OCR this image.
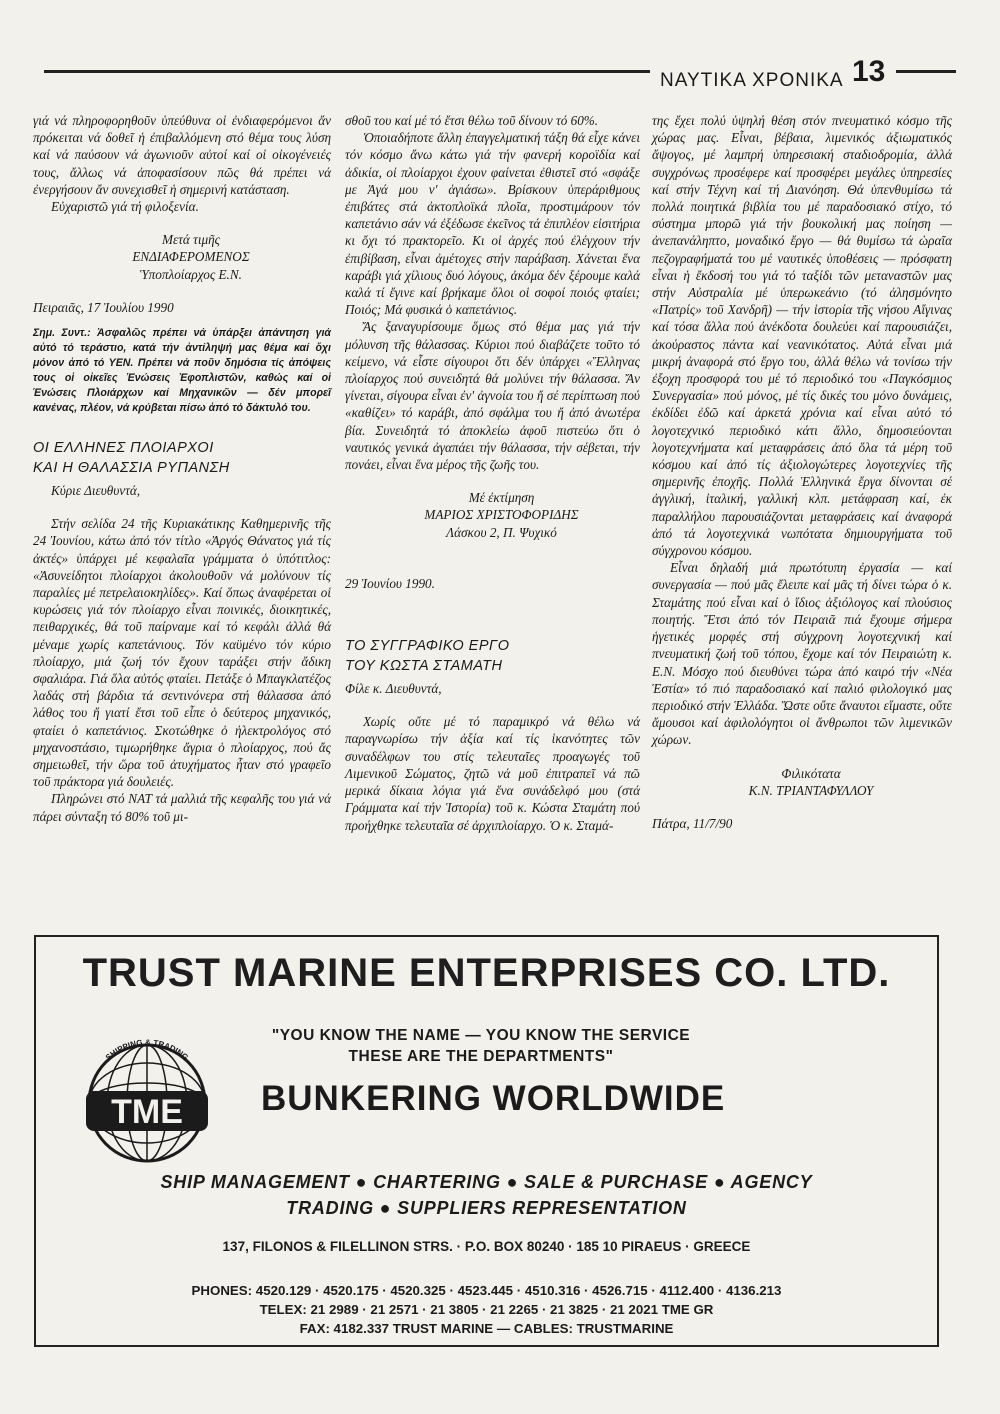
ΝΑΥΤΙΚΑ ΧΡΟΝΙΚΑ 13

γιά νά πληροφορηθοῦν ὑπεύθυνα οἱ ἐνδιαφερόμενοι ἄν πρόκειται νά δοθεῖ ἡ ἐπιβαλλόμενη στό θέμα τους λύση καί νά παύσουν νά ἀγωνιοῦν αὐτοί καί οἱ οἰκογένειές τους, ἄλλως νά ἀποφασίσουν πῶς θά πρέπει νά ἐνεργήσουν ἄν συνεχισθεῖ ἡ σημερινή κατάσταση.

Εὐχαριστῶ γιά τή φιλοξενία.

Μετά τιμῆς

ΕΝΔΙΑΦΕΡΟΜΕΝΟΣ

Ὑποπλοίαρχος Ε.Ν.

Πειραιᾶς, 17 Ἰουλίου 1990

Σημ. Συντ.: Ἀσφαλῶς πρέπει νά ὑπάρξει ἀπάντηση γιά αὐτό τό τεράστιο, κατά τήν ἀντίληψή μας θέμα καί ὄχι μόνον ἀπό τό ΥΕΝ. Πρέπει νά ποῦν δημόσια τίς ἀπόψεις τους οἱ οἰκεῖες Ἑνώσεις Ἐφοπλιστῶν, καθώς καί οἱ Ἑνώσεις Πλοιάρχων καί Μηχανικῶν — δέν μπορεῖ κανένας, πλέον, νά κρύβεται πίσω ἀπό τό δάκτυλό του.
ΟΙ ΕΛΛΗΝΕΣ ΠΛΟΙΑΡΧΟΙ
ΚΑΙ Η ΘΑΛΑΣΣΙΑ ΡΥΠΑΝΣΗ

Κύριε Διευθυντά,

Στήν σελίδα 24 τῆς Κυριακάτικης Καθημερινῆς τῆς 24 Ἰουνίου, κάτω ἀπό τόν τίτλο «Ἀργός Θάνατος γιά τίς ἀκτές» ὑπάρχει μέ κεφαλαῖα γράμματα ὁ ὑπότιτλος: «Ἀσυνείδητοι πλοίαρχοι ἀκολουθοῦν νά μολύνουν τίς παραλίες μέ πετρελαιοκηλίδες». Καί ὅπως ἀναφέρεται οἱ κυρώσεις γιά τόν πλοίαρχο εἶναι ποινικές, διοικητικές, πειθαρχικές, θά τοῦ παίρναμε καί τό κεφάλι ἀλλά θά μέναμε χωρίς καπετάνιους. Τόν καϋμένο τόν κύριο πλοίαρχο, μιά ζωή τόν ἔχουν ταράξει στήν ἄδικη σφαλιάρα. Γιά ὅλα αὐτός φταίει. Πετάξε ὁ Μπαγκλατέζος λαδάς στή βάρδια τά σεντινόνερα στή θάλασσα ἀπό λάθος του ἤ γιατί ἔτσι τοῦ εἶπε ὁ δεύτερος μηχανικός, φταίει ὁ καπετάνιος. Σκοτώθηκε ὁ ἠλεκτρολόγος στό μηχανοστάσιο, τιμωρήθηκε ἄγρια ὁ πλοίαρχος, πού ἄς σημειωθεῖ, τήν ὥρα τοῦ ἀτυχήματος ἦταν στό γραφεῖο τοῦ πράκτορα γιά δουλειές.

Πληρώνει στό ΝΑΤ τά μαλλιά τῆς κεφαλῆς του γιά νά πάρει σύνταξη τό 80% τοῦ μι-

σθοῦ του καί μέ τό ἔτσι θέλω τοῦ δίνουν τό 60%.

Ὁποιαδήποτε ἄλλη ἐπαγγελματική τάξη θά εἶχε κάνει τόν κόσμο ἄνω κάτω γιά τήν φανερή κοροϊδία καί ἀδικία, οἱ πλοίαρχοι ἐχουν φαίνεται ἐθιστεῖ στό «σφάξε με Ἀγά μου ν' ἁγιάσω». Βρίσκουν ὑπεράριθμους ἐπιβάτες στά ἀκτοπλοϊκά πλοῖα, προστιμάρουν τόν καπετάνιο σάν νά ἐξέδωσε ἐκεῖνος τά ἐπιπλέον εἰσιτήρια κι ὄχι τό πρακτορεῖο. Κι οἱ ἀρχές πού ἐλέγχουν τήν ἐπιβίβαση, εἶναι ἀμέτοχες στήν παράβαση. Χάνεται ἕνα καράβι γιά χίλιους δυό λόγους, ἀκόμα δέν ξέρουμε καλά καλά τί ἔγινε καί βρήκαμε ὅλοι οἱ σοφοί ποιός φταίει; Ποιός; Μά φυσικά ὁ καπετάνιος.

Ἄς ξαναγυρίσουμε ὅμως στό θέμα μας γιά τήν μόλυνση τῆς θάλασσας. Κύριοι πού διαβάζετε τοῦτο τό κείμενο, νά εἶστε σίγουροι ὅτι δέν ὑπάρχει «Ἕλληνας πλοίαρχος πού συνειδητά θά μολύνει τήν θάλασσα. Ἄν γίνεται, σίγουρα εἶναι ἐν' ἀγνοία του ἤ σέ περίπτωση πού «καθίζει» τό καράβι, ἀπό σφάλμα του ἤ ἀπό ἀνωτέρα βία. Συνειδητά τό ἀποκλείω ἀφοῦ πιστεύω ὅτι ὁ ναυτικός γενικά ἀγαπάει τήν θάλασσα, τήν σέβεται, τήν πονάει, εἶναι ἕνα μέρος τῆς ζωῆς του.

Μέ ἐκτίμηση

ΜΑΡΙΟΣ ΧΡΙΣΤΟΦΟΡΙΔΗΣ

Λάσκου 2, Π. Ψυχικό

29 Ἰουνίου 1990.

ΤΟ ΣΥΓΓΡΑΦΙΚΟ ΕΡΓΟ
ΤΟΥ ΚΩΣΤΑ ΣΤΑΜΑΤΗ

Φίλε κ. Διευθυντά,

Χωρίς οὔτε μέ τό παραμικρό νά θέλω νά παραγνωρίσω τήν ἀξία καί τίς ἱκανότητες τῶν συναδέλφων του στίς τελευταῖες προαγωγές τοῦ Λιμενικοῦ Σώματος, ζητῶ νά μοῦ ἐπιτραπεῖ νά πῶ μερικά δίκαια λόγια γιά ἕνα συνάδελφό μου (στά Γράμματα καί τήν Ἱστορία) τοῦ κ. Κώστα Σταμάτη πού προήχθηκε τελευταῖα σέ ἀρχιπλοίαρχο. Ὁ κ. Σταμά-

της ἔχει πολύ ὑψηλή θέση στόν πνευματικό κόσμο τῆς χώρας μας. Εἶναι, βέβαια, λιμενικός ἀξιωματικός ἄψογος, μέ λαμπρή ὑπηρεσιακή σταδιοδρομία, ἀλλά συγχρόνως προσέφερε καί προσφέρει μεγάλες ὑπηρεσίες καί στήν Τέχνη καί τή Διανόηση. Θά ὑπενθυμίσω τά πολλά ποιητικά βιβλία του μέ παραδοσιακό στίχο, τό σύστημα μπορῶ γιά τήν βουκολική μας ποίηση — ἀνεπανάληπτο, μοναδικό ἔργο — θά θυμίσω τά ὡραῖα πεζογραφήματά του μέ ναυτικές ὑποθέσεις — πρόσφατη εἶναι ἡ ἔκδοσή του γιά τό ταξίδι τῶν μεταναστῶν μας στήν Αὐστραλία μέ ὑπερωκεάνιο (τό ἀλησμόνητο «Πατρίς» τοῦ Χανδρῆ) — τήν ἱστορία τῆς νήσου Αἴγινας καί τόσα ἄλλα πού ἀνέκδοτα δουλεύει καί παρουσιάζει, ἀκούραστος πάντα καί νεανικότατος. Αὐτά εἶναι μιά μικρή ἀναφορά στό ἔργο του, ἀλλά θέλω νά τονίσω τήν ἐξοχη προσφορά του μέ τό περιοδικό του «Παγκόσμιος Συνεργασία» πού μόνος, μέ τίς δικές του μόνο δυνάμεις, ἐκδίδει ἐδῶ καί ἀρκετά χρόνια καί εἶναι αὐτό τό λογοτεχνικό περιοδικό κάτι ἄλλο, δημοσιεύονται λογοτεχνήματα καί μεταφράσεις ἀπό ὅλα τά μέρη τοῦ κόσμου καί ἀπό τίς ἀξιολογώτερες λογοτεχνίες τῆς σημερινῆς ἐποχῆς. Πολλά Ἑλληνικά ἔργα δίνονται σέ ἀγγλική, ἰταλική, γαλλική κλπ. μετάφραση καί, ἐκ παραλλήλου παρουσιάζονται μεταφράσεις καί ἀναφορά ἀπό τά λογοτεχνικά νωπότατα δημιουργήματα τοῦ σύγχρονου κόσμου.

Εἶναι δηλαδή μιά πρωτότυπη ἐργασία — καί συνεργασία — πού μᾶς ἔλειπε καί μᾶς τή δίνει τώρα ὁ κ. Σταμάτης πού εἶναι καί ὁ ἴδιος ἀξιόλογος καί πλούσιος ποιητής. Ἔτσι ἀπό τόν Πειραιᾶ πιά ἔχουμε σήμερα ἡγετικές μορφές στή σύγχρονη λογοτεχνική καί πνευματική ζωή τοῦ τόπου, ἔχομε καί τόν Πειραιώτη κ. Ε.Ν. Μόσχο πού διευθύνει τώρα ἀπό καιρό τήν «Νέα Ἑστία» τό πιό παραδοσιακό καί παλιό φιλολογικό μας περιοδικό στήν Ἑλλάδα. Ὥστε οὔτε ἄναυτοι εἴμαστε, οὔτε ἄμουσοι καί ἀφιλολόγητοι οἱ ἄνθρωποι τῶν λιμενικῶν χώρων.

Φιλικότατα

Κ.Ν. ΤΡΙΑΝΤΑΦΥΛΛΟΥ

Πάτρα, 11/7/90

TRUST MARINE ENTERPRISES CO. LTD.
TME
SHIPPING & TRADING
"YOU KNOW THE NAME — YOU KNOW THE SERVICE
THESE ARE THE DEPARTMENTS"
BUNKERING WORLDWIDE
SHIP MANAGEMENT ● CHARTERING ● SALE & PURCHASE ● AGENCY
TRADING ● SUPPLIERS REPRESENTATION
137, FILONOS & FILELLINON STRS. · P.O. BOX 80240 · 185 10 PIRAEUS · GREECE
PHONES: 4520.129 · 4520.175 · 4520.325 · 4523.445 · 4510.316 · 4526.715 · 4112.400 · 4136.213
TELEX: 21 2989 · 21 2571 · 21 3805 · 21 2265 · 21 3825 · 21 2021 TME GR
FAX: 4182.337 TRUST MARINE — CABLES: TRUSTMARINE
